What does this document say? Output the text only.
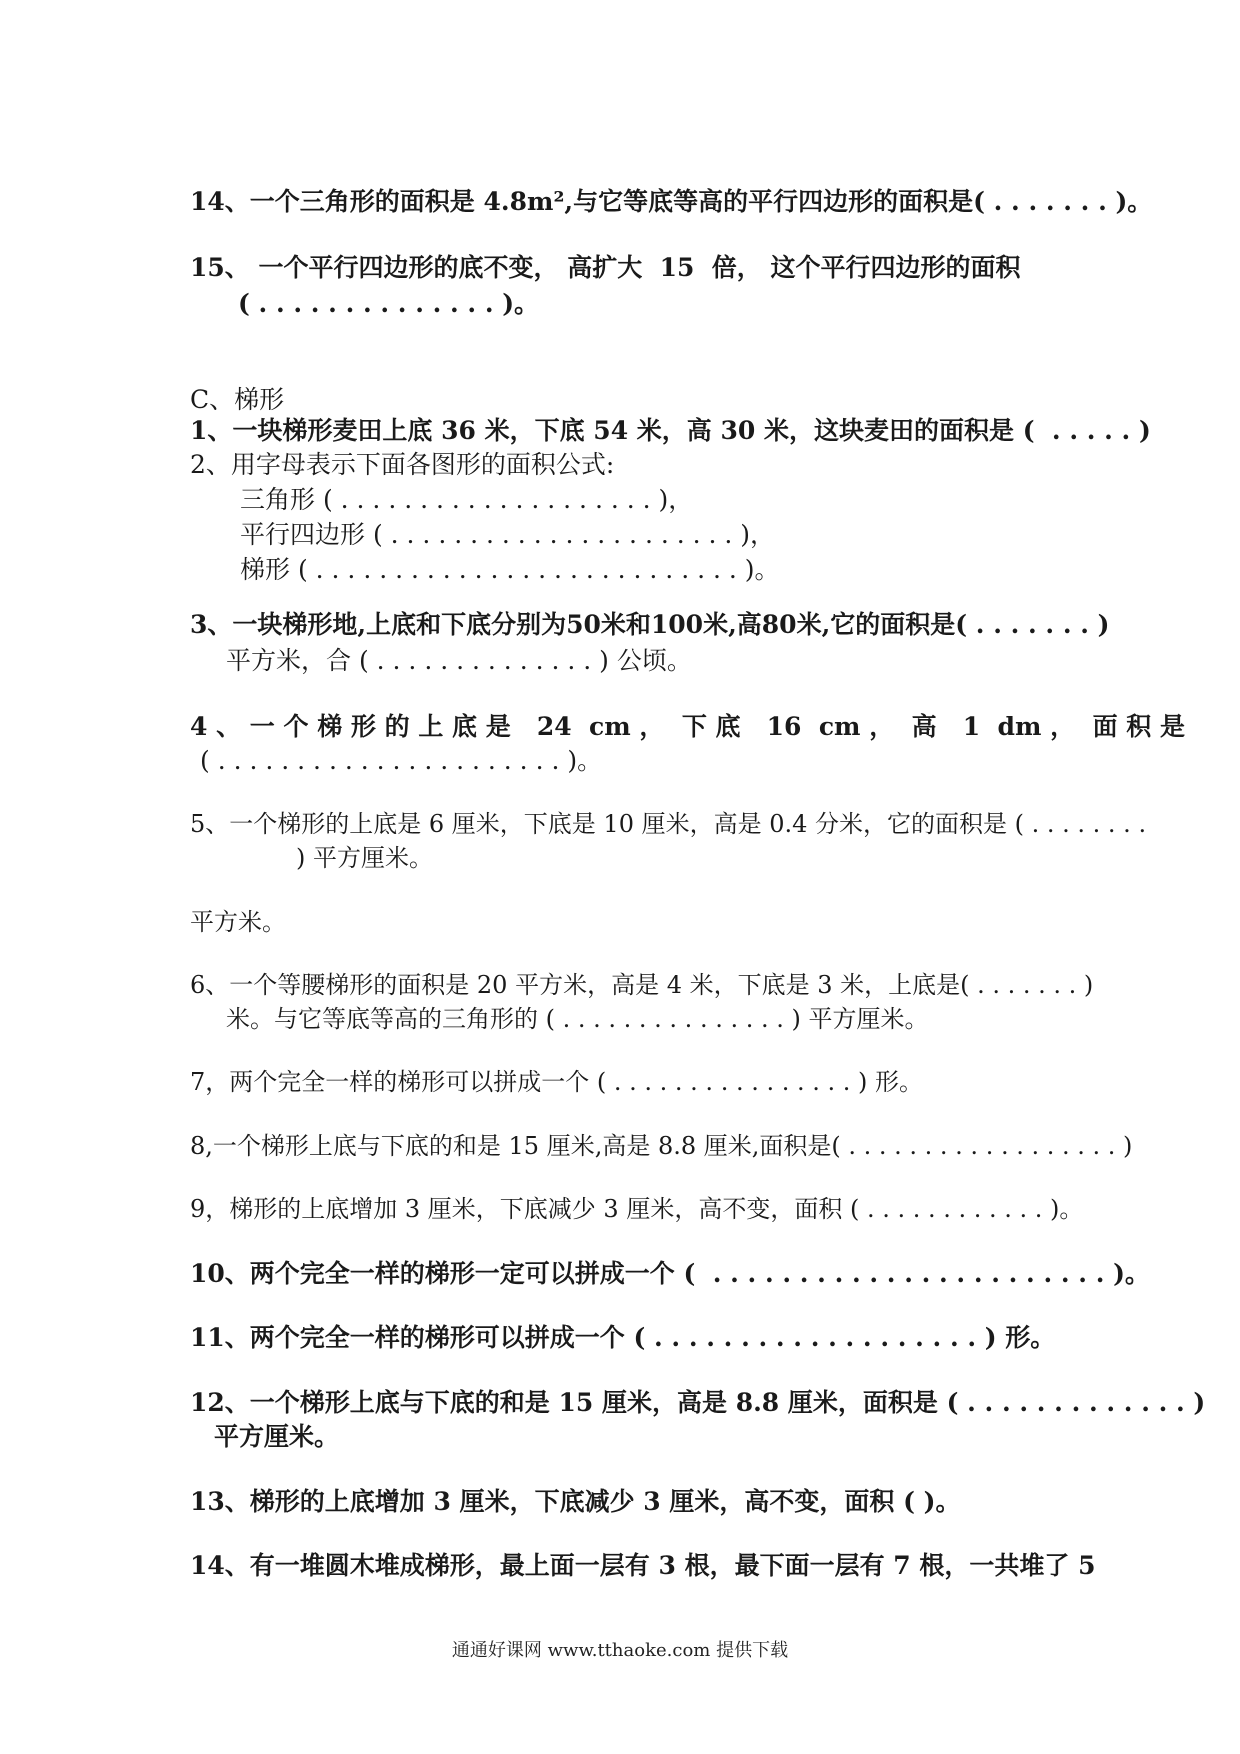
14、一个三角形的面积是 4.8m²,与它等底等高的平行四边形的面积是( . . . . . . . )。
15、 一个平行四边形的底不变， 高扩大  15  倍， 这个平行四边形的面积
( . . . . . . . . . . . . . . )。
C、梯形
1、一块梯形麦田上底 36 米，下底 54 米，高 30 米，这块麦田的面积是 (  . . . . . )
2、用字母表示下面各图形的面积公式:
三角形 ( . . . . . . . . . . . . . . . . . . . . )，
平行四边形 ( . . . . . . . . . . . . . . . . . . . . . . )，
梯形 ( . . . . . . . . . . . . . . . . . . . . . . . . . . . )。
3、一块梯形地,上底和下底分别为50米和100米,高80米,它的面积是( . . . . . . . )
平方米，合 ( . . . . . . . . . . . . . . ) 公顷。
4 、 一 个 梯 形 的 上 底 是   24  cm ，  下 底   16  cm ，  高   1  dm ，  面 积 是
( . . . . . . . . . . . . . . . . . . . . . . )。
5、一个梯形的上底是 6 厘米，下底是 10 厘米，高是 0.4 分米，它的面积是 ( . . . . . . . .
) 平方厘米。
平方米。
6、一个等腰梯形的面积是 20 平方米，高是 4 米，下底是 3 米，上底是( . . . . . . . )
米。与它等底等高的三角形的 ( . . . . . . . . . . . . . . . ) 平方厘米。
7，两个完全一样的梯形可以拼成一个 ( . . . . . . . . . . . . . . . . ) 形。
8,一个梯形上底与下底的和是 15 厘米,高是 8.8 厘米,面积是( . . . . . . . . . . . . . . . . . . )
9，梯形的上底增加 3 厘米，下底减少 3 厘米，高不变，面积 ( . . . . . . . . . . . . )。
10、两个完全一样的梯形一定可以拼成一个 (  . . . . . . . . . . . . . . . . . . . . . . . )。
11、两个完全一样的梯形可以拼成一个 ( . . . . . . . . . . . . . . . . . . . ) 形。
12、一个梯形上底与下底的和是 15 厘米，高是 8.8 厘米，面积是 ( . . . . . . . . . . . . . )
平方厘米。
13、梯形的上底增加 3 厘米，下底减少 3 厘米，高不变，面积 ( )。
14、有一堆圆木堆成梯形，最上面一层有 3 根，最下面一层有 7 根，一共堆了 5
通通好课网 www.tthaoke.com 提供下载
